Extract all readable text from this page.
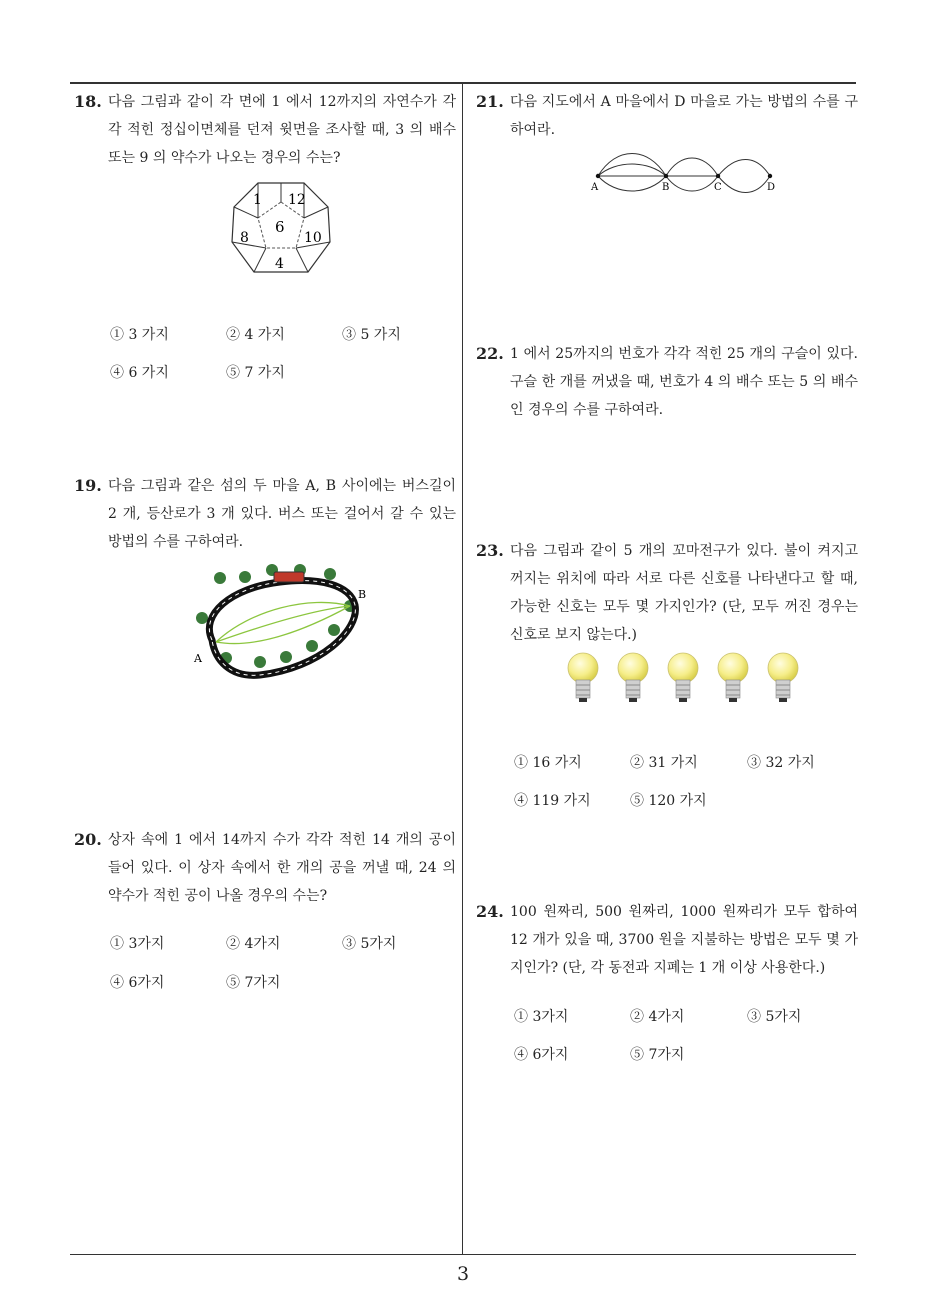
18. 다음 그림과 같이 각 면에 1 에서 12까지의 자연수가 각각 적힌 정십이면체를 던져 윗면을 조사할 때, 3 의 배수 또는 9 의 약수가 나오는 경우의 수는?
1 12
6
8	10
4
① 3 가지	② 4 가지	③ 5 가지
④ 6 가지	⑤ 7 가지
19. 다음 그림과 같은 섬의 두 마을 A, B 사이에는 버스길이 2 개, 등산로가 3 개 있다. 버스 또는 걸어서 갈 수 있는 방법의 수를 구하여라.
A
B
20. 상자 속에 1 에서 14까지 수가 각각 적힌 14 개의 공이 들어 있다. 이 상자 속에서 한 개의 공을 꺼낼 때, 24 의 약수가 적힌 공이 나올 경우의 수는?
① 3가지	② 4가지	③ 5가지
④ 6가지	⑤ 7가지
21. 다음 지도에서 A 마을에서 D 마을로 가는 방법의 수를 구하여라.
A	B	C	D
22. 1 에서 25까지의 번호가 각각 적힌 25 개의 구슬이 있다. 구슬 한 개를 꺼냈을 때, 번호가 4 의 배수 또는 5 의 배수인 경우의 수를 구하여라.
23. 다음 그림과 같이 5 개의 꼬마전구가 있다. 불이 켜지고 꺼지는 위치에 따라 서로 다른 신호를 나타낸다고 할 때, 가능한 신호는 모두 몇 가지인가? (단, 모두 꺼진 경우는 신호로 보지 않는다.)
① 16 가지	② 31 가지	③ 32 가지
④ 119 가지	⑤ 120 가지
24. 100 원짜리, 500 원짜리, 1000 원짜리가 모두 합하여 12 개가 있을 때, 3700 원을 지불하는 방법은 모두 몇 가지인가? (단, 각 동전과 지폐는 1 개 이상 사용한다.)
① 3가지	② 4가지	③ 5가지
④ 6가지	⑤ 7가지
3
